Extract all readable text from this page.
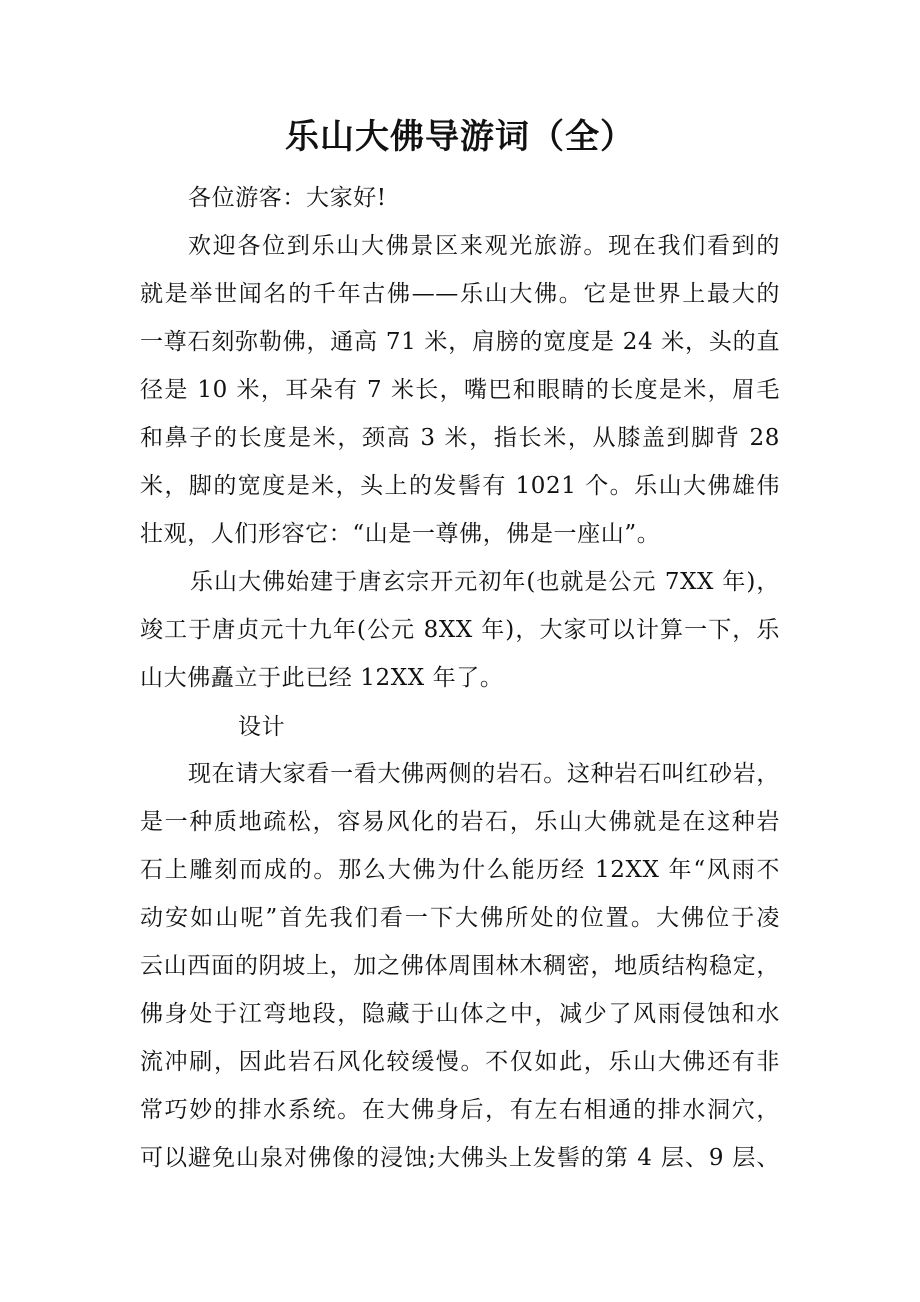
乐山大佛导游词（全）
各位游客：大家好!
欢迎各位到乐山大佛景区来观光旅游。现在我们看到的
就是举世闻名的千年古佛——乐山大佛。它是世界上最大的
一尊石刻弥勒佛，通高 71 米，肩膀的宽度是 24 米，头的直
径是 10 米，耳朵有 7 米长，嘴巴和眼睛的长度是米，眉毛
和鼻子的长度是米，颈高 3 米，指长米，从膝盖到脚背 28
米，脚的宽度是米，头上的发髻有 1021 个。乐山大佛雄伟
壮观，人们形容它：“山是一尊佛，佛是一座山”。
乐山大佛始建于唐玄宗开元初年(也就是公元 7XX 年)，
竣工于唐贞元十九年(公元 8XX 年)，大家可以计算一下，乐
山大佛矗立于此已经 12XX 年了。
设计
现在请大家看一看大佛两侧的岩石。这种岩石叫红砂岩，
是一种质地疏松，容易风化的岩石，乐山大佛就是在这种岩
石上雕刻而成的。那么大佛为什么能历经 12XX 年“风雨不
动安如山呢”首先我们看一下大佛所处的位置。大佛位于凌
云山西面的阴坡上，加之佛体周围林木稠密，地质结构稳定，
佛身处于江弯地段，隐藏于山体之中，减少了风雨侵蚀和水
流冲刷，因此岩石风化较缓慢。不仅如此，乐山大佛还有非
常巧妙的排水系统。在大佛身后，有左右相通的排水洞穴，
可以避免山泉对佛像的浸蚀;大佛头上发髻的第 4 层、9 层、
